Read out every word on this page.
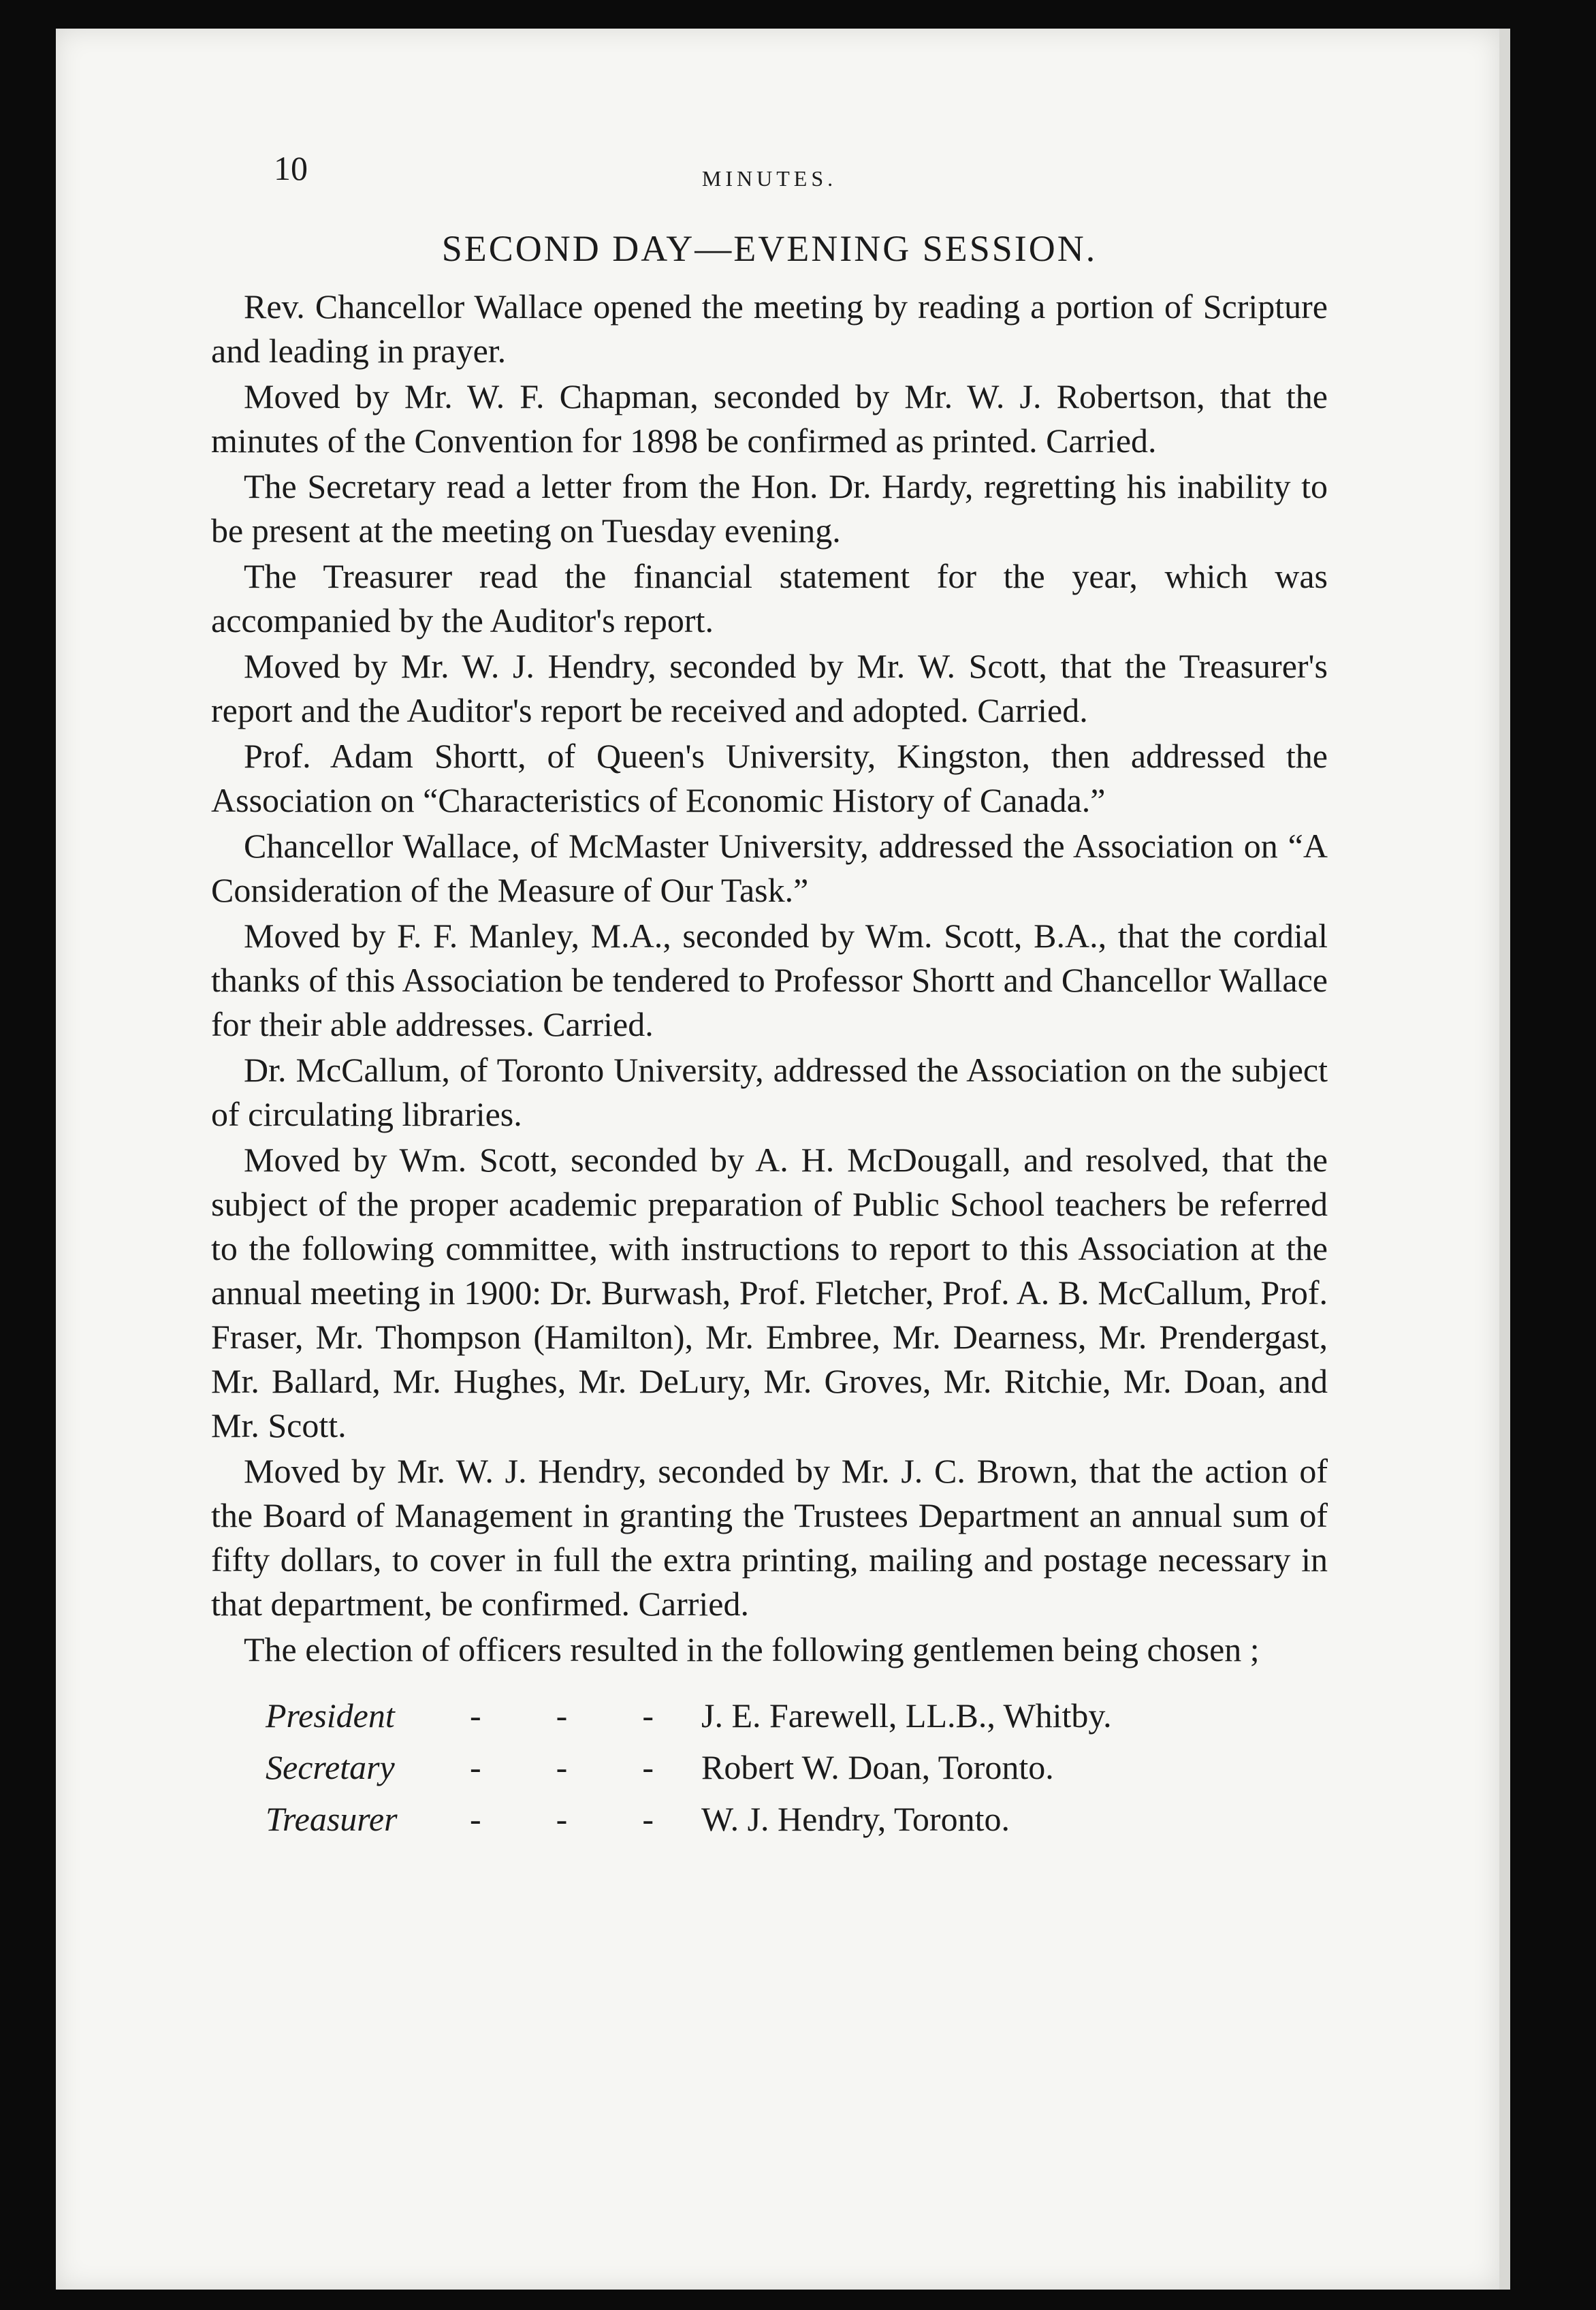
10	MINUTES.
SECOND DAY—EVENING SESSION.

Rev. Chancellor Wallace opened the meeting by reading a portion of Scripture and leading in prayer.

Moved by Mr. W. F. Chapman, seconded by Mr. W. J. Robertson, that the minutes of the Convention for 1898 be confirmed as printed. Carried.

The Secretary read a letter from the Hon. Dr. Hardy, regretting his inability to be present at the meeting on Tuesday evening.

The Treasurer read the financial statement for the year, which was accompanied by the Auditor's report.

Moved by Mr. W. J. Hendry, seconded by Mr. W. Scott, that the Treasurer's report and the Auditor's report be received and adopted. Carried.

Prof. Adam Shortt, of Queen's University, Kingston, then addressed the Association on “Characteristics of Economic History of Canada.”

Chancellor Wallace, of McMaster University, addressed the Association on “A Consideration of the Measure of Our Task.”

Moved by F. F. Manley, M.A., seconded by Wm. Scott, B.A., that the cordial thanks of this Association be tendered to Professor Shortt and Chancellor Wallace for their able addresses. Carried.

Dr. McCallum, of Toronto University, addressed the Association on the subject of circulating libraries.

Moved by Wm. Scott, seconded by A. H. McDougall, and resolved, that the subject of the proper academic preparation of Public School teachers be referred to the following committee, with instructions to report to this Association at the annual meeting in 1900: Dr. Burwash, Prof. Fletcher, Prof. A. B. McCallum, Prof. Fraser, Mr. Thompson (Hamilton), Mr. Embree, Mr. Dearness, Mr. Prendergast, Mr. Ballard, Mr. Hughes, Mr. DeLury, Mr. Groves, Mr. Ritchie, Mr. Doan, and Mr. Scott.

Moved by Mr. W. J. Hendry, seconded by Mr. J. C. Brown, that the action of the Board of Management in granting the Trustees Department an annual sum of fifty dollars, to cover in full the extra printing, mailing and postage necessary in that department, be confirmed. Carried.

The election of officers resulted in the following gentlemen being chosen ;

President	- - - J. E. Farewell, LL.B., Whitby.
Secretary	- - - Robert W. Doan, Toronto.
Treasurer	- - - W. J. Hendry, Toronto.
